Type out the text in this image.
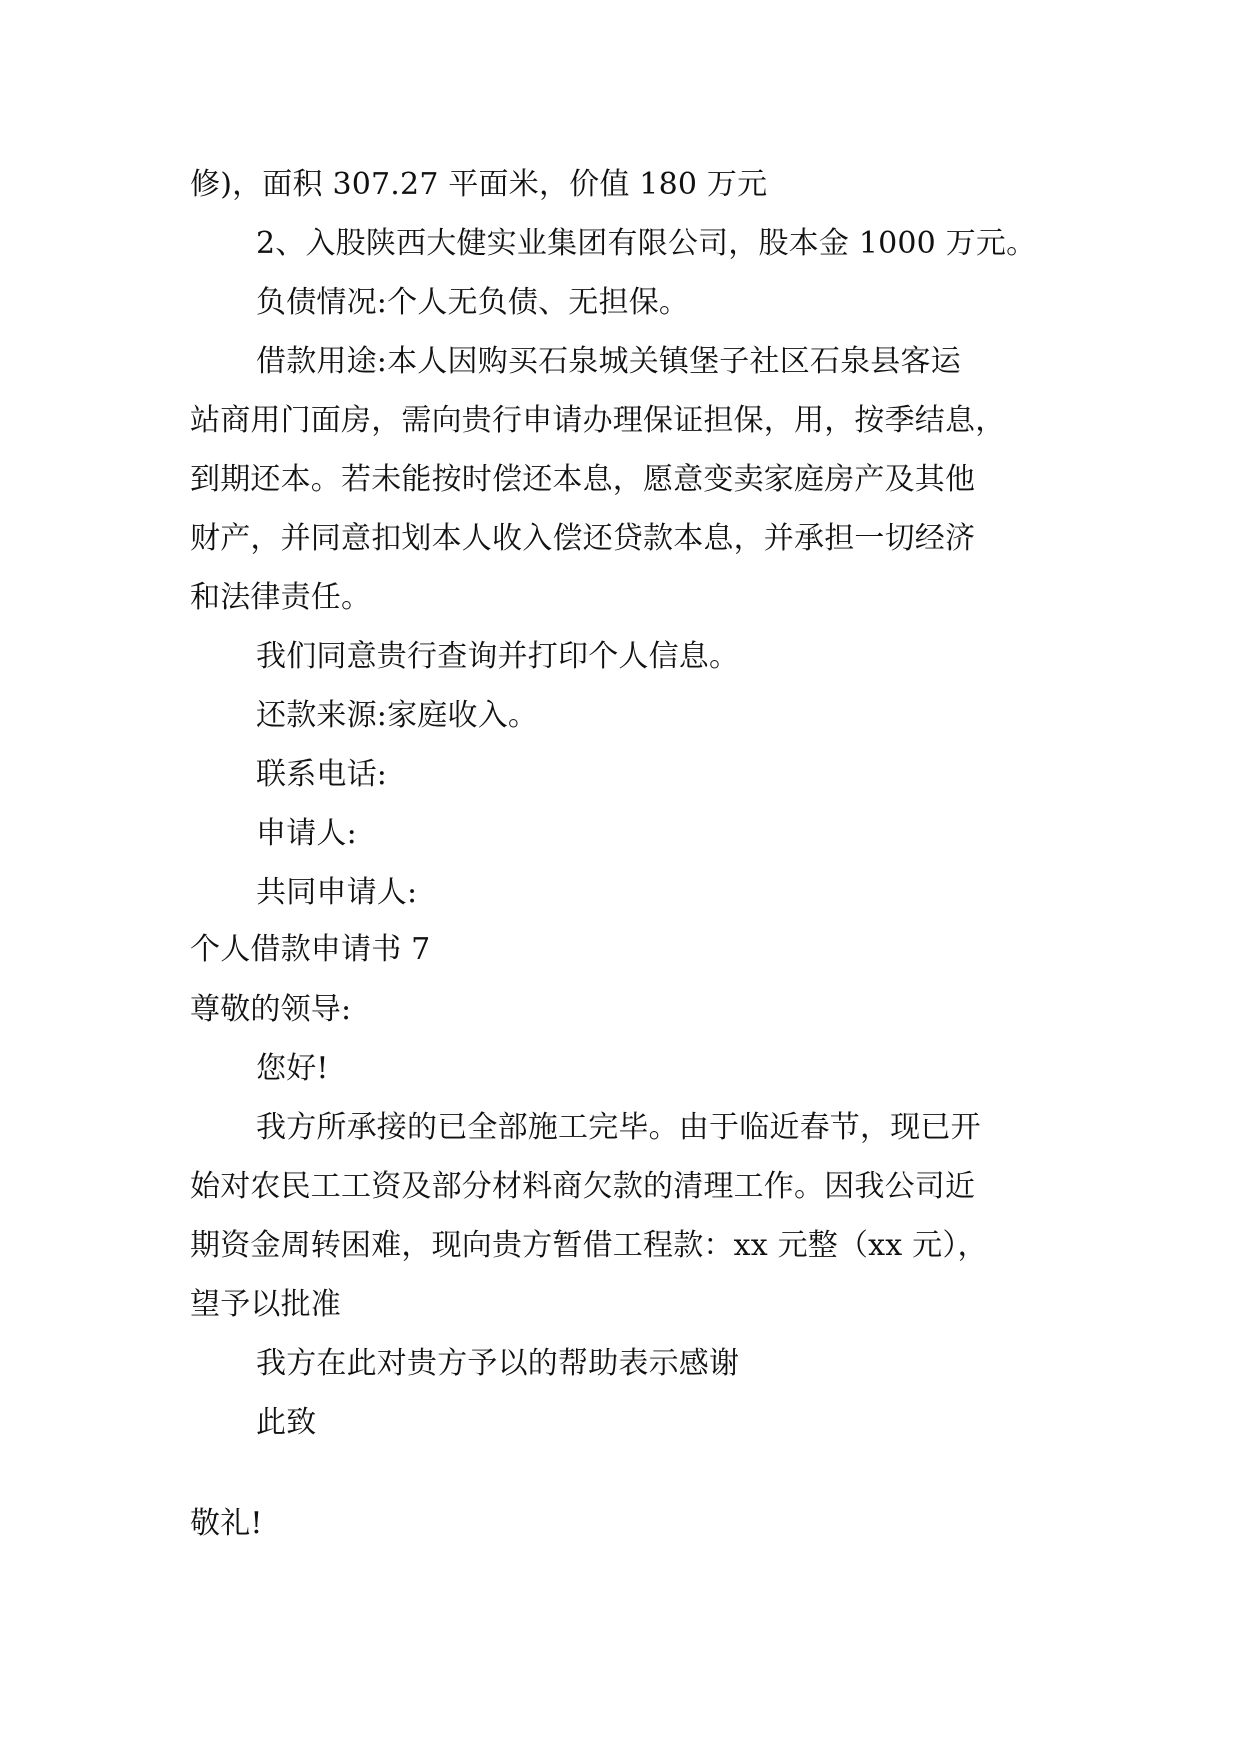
修)，面积 307.27 平面米，价值 180 万元
2、入股陕西大健实业集团有限公司，股本金 1000 万元。
负债情况:个人无负债、无担保。
借款用途:本人因购买石泉城关镇堡子社区石泉县客运
站商用门面房，需向贵行申请办理保证担保，用，按季结息，
到期还本。若未能按时偿还本息，愿意变卖家庭房产及其他
财产，并同意扣划本人收入偿还贷款本息，并承担一切经济
和法律责任。
我们同意贵行查询并打印个人信息。
还款来源:家庭收入。
联系电话:
申请人:
共同申请人:
个人借款申请书 7
尊敬的领导:
您好!
我方所承接的已全部施工完毕。由于临近春节，现已开
始对农民工工资及部分材料商欠款的清理工作。因我公司近
期资金周转困难，现向贵方暂借工程款：xx 元整（xx 元），
望予以批准
我方在此对贵方予以的帮助表示感谢
此致
敬礼!
